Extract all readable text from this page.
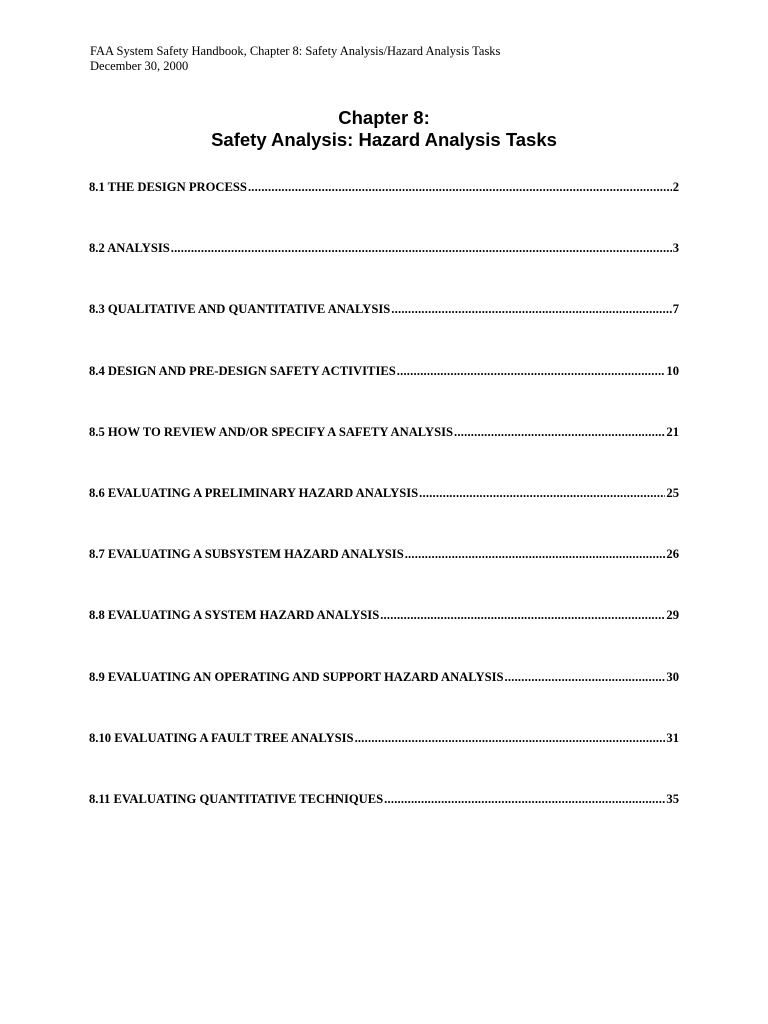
FAA System Safety Handbook, Chapter 8: Safety Analysis/Hazard Analysis Tasks
December 30, 2000
Chapter 8:
Safety Analysis: Hazard Analysis Tasks
8.1 THE DESIGN PROCESS .....	2
8.2 ANALYSIS .....	3
8.3 QUALITATIVE AND QUANTITATIVE ANALYSIS .....	7
8.4 DESIGN AND PRE-DESIGN SAFETY ACTIVITIES .....	10
8.5 HOW TO REVIEW AND/OR SPECIFY A SAFETY ANALYSIS .....	21
8.6 EVALUATING A PRELIMINARY HAZARD ANALYSIS .....	25
8.7 EVALUATING A SUBSYSTEM HAZARD ANALYSIS .....	26
8.8 EVALUATING A SYSTEM HAZARD ANALYSIS .....	29
8.9 EVALUATING AN OPERATING AND SUPPORT HAZARD ANALYSIS .....	30
8.10 EVALUATING A FAULT TREE ANALYSIS .....	31
8.11 EVALUATING QUANTITATIVE TECHNIQUES .....	35
